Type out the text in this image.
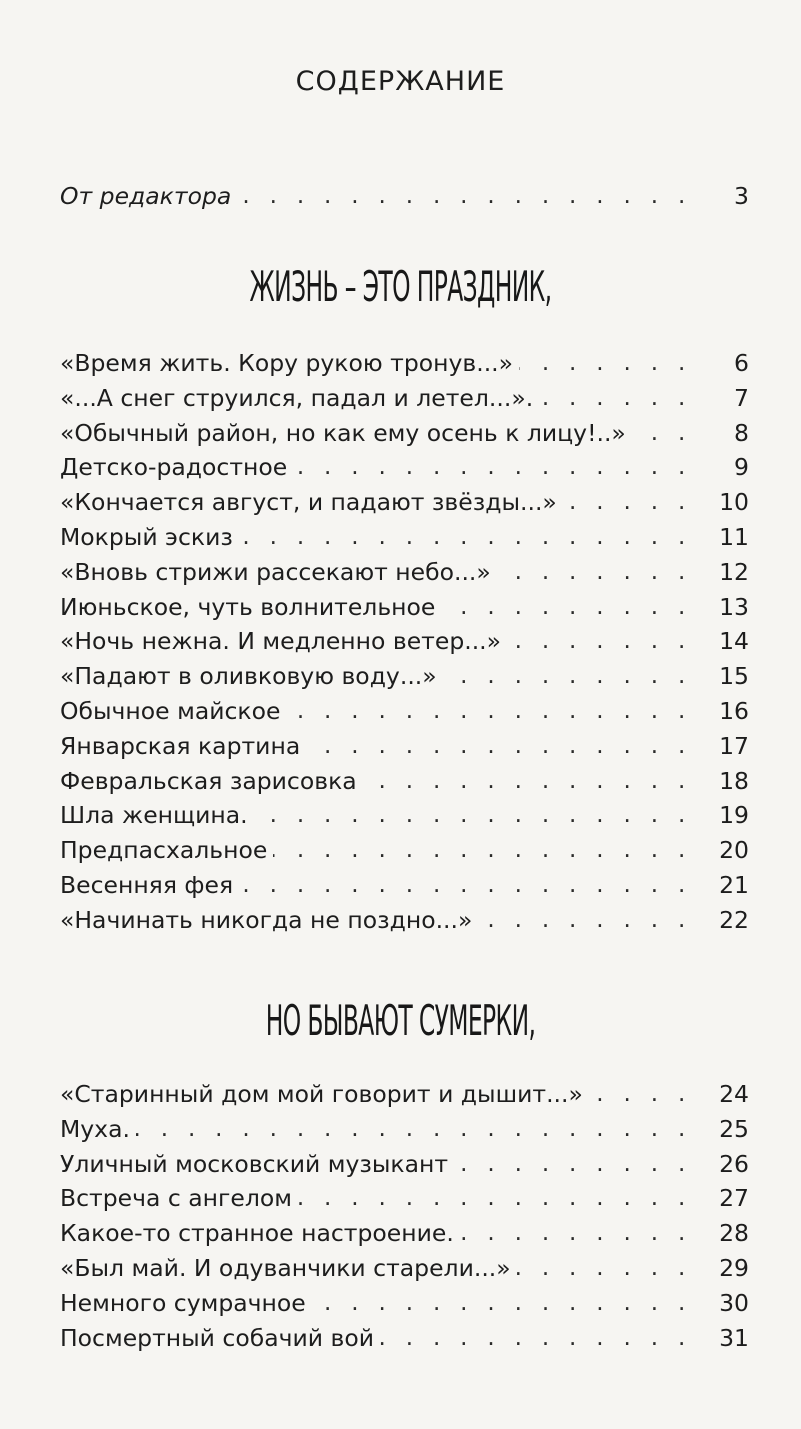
СОДЕРЖАНИЕ
. . .
От редактора	3
ЖИЗНЬ – ЭТО ПРАЗДНИК,
. . .
«Время жить. Кору рукою тронув...»	6
. . .
«...А снег струился, падал и летел...».	7
. . .
«Обычный район, но как ему осень к лицу!..»	8
. . .
Детско-радостное	9
. . .
«Кончается август, и падают звёзды...»	10
. . .
Мокрый эскиз	11
. . .
«Вновь стрижи рассекают небо...»	12
. . .
Июньское, чуть волнительное	13
. . .
«Ночь нежна. И медленно ветер...»	14
. . .
«Падают в оливковую воду...»	15
. . .
Обычное майское	16
. . .
Январская картина	17
. . .
Февральская зарисовка	18
. . .
Шла женщина.	19
. . .
Предпасхальное	20
. . .
Весенняя фея	21
. . .
«Начинать никогда не поздно...»	22
НО БЫВАЮТ СУМЕРКИ,
. . .
«Старинный дом мой говорит и дышит...»	24
. . .
Муха.	25
. . .
Уличный московский музыкант	26
. . .
Встреча с ангелом	27
. . .
Какое-то странное настроение.	28
. . .
«Был май. И одуванчики старели...»	29
. . .
Немного сумрачное	30
. . .
Посмертный собачий вой	31
